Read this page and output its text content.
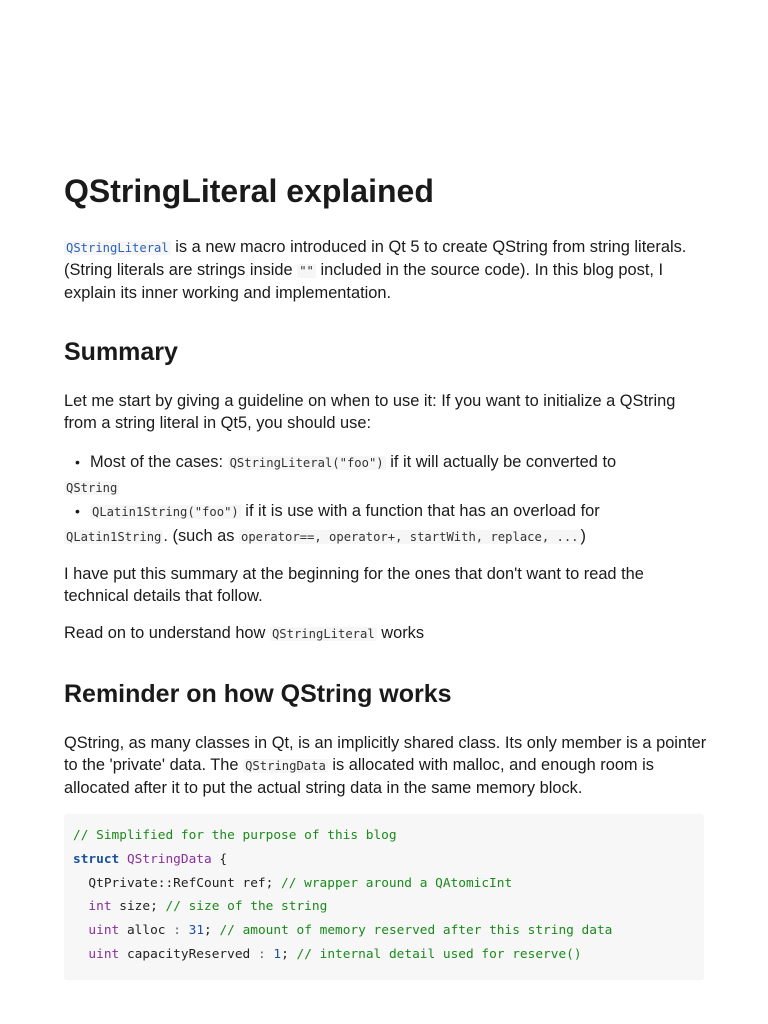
QStringLiteral explained

QStringLiteral is a new macro introduced in Qt 5 to create QString from string literals. (String literals are strings inside "" included in the source code). In this blog post, I explain its inner working and implementation.

Summary

Let me start by giving a guideline on when to use it: If you want to initialize a QString from a string literal in Qt5, you should use:

• Most of the cases: QStringLiteral("foo") if it will actually be converted to
QString
• QLatin1String("foo") if it is use with a function that has an overload for
QLatin1String . (such as operator==, operator+, startWith, replace, ... )

I have put this summary at the beginning for the ones that don't want to read the technical details that follow.

Read on to understand how QStringLiteral works

Reminder on how QString works

QString, as many classes in Qt, is an implicitly shared class. Its only member is a pointer to the 'private' data. The QStringData is allocated with malloc, and enough room is allocated after it to put the actual string data in the same memory block.

// Simplified for the purpose of this blog
struct QStringData {
QtPrivate::RefCount ref; // wrapper around a QAtomicInt
int size; // size of the string
uint alloc : 31; // amount of memory reserved after this string data
uint capacityReserved : 1; // internal detail used for reserve()
